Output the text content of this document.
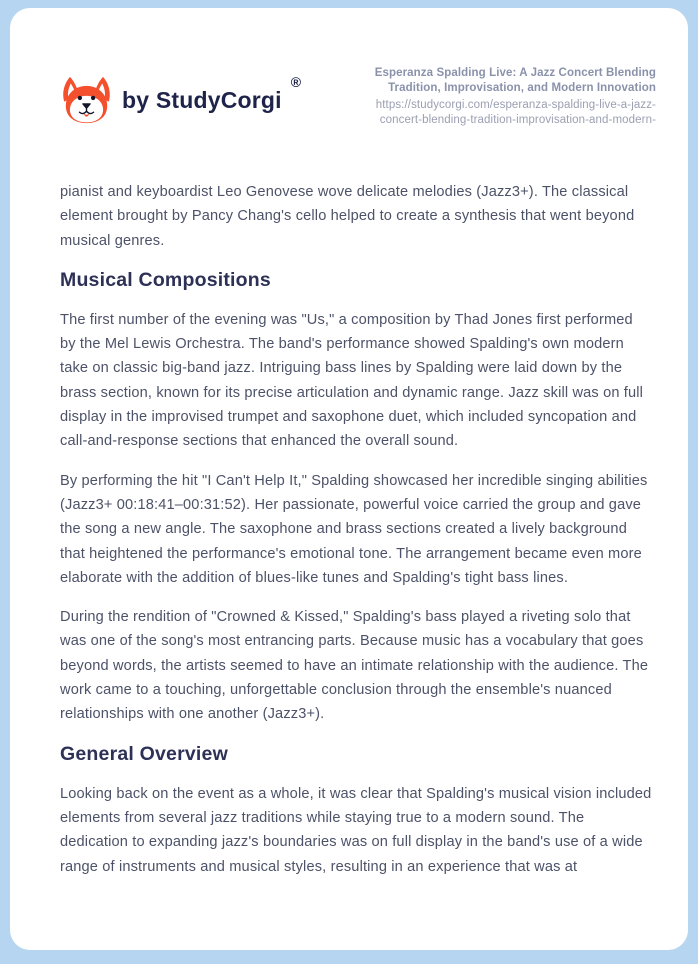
by StudyCorgi
®
Esperanza Spalding Live: A Jazz Concert Blending Tradition, Improvisation, and Modern Innovation
https://studycorgi.com/esperanza-spalding-live-a-jazz-
concert-blending-tradition-improvisation-and-modern-

pianist and keyboardist Leo Genovese wove delicate melodies (Jazz3+). The classical element brought by Pancy Chang's cello helped to create a synthesis that went beyond musical genres.

Musical Compositions

The first number of the evening was "Us," a composition by Thad Jones first performed by the Mel Lewis Orchestra. The band's performance showed Spalding's own modern take on classic big-band jazz. Intriguing bass lines by Spalding were laid down by the brass section, known for its precise articulation and dynamic range. Jazz skill was on full display in the improvised trumpet and saxophone duet, which included syncopation and call-and-response sections that enhanced the overall sound.

By performing the hit "I Can't Help It," Spalding showcased her incredible singing abilities (Jazz3+ 00:18:41–00:31:52). Her passionate, powerful voice carried the group and gave the song a new angle. The saxophone and brass sections created a lively background that heightened the performance's emotional tone. The arrangement became even more elaborate with the addition of blues-like tunes and Spalding's tight bass lines.

During the rendition of "Crowned & Kissed," Spalding's bass played a riveting solo that was one of the song's most entrancing parts. Because music has a vocabulary that goes beyond words, the artists seemed to have an intimate relationship with the audience. The work came to a touching, unforgettable conclusion through the ensemble's nuanced relationships with one another (Jazz3+).

General Overview

Looking back on the event as a whole, it was clear that Spalding's musical vision included elements from several jazz traditions while staying true to a modern sound. The dedication to expanding jazz's boundaries was on full display in the band's use of a wide range of instruments and musical styles, resulting in an experience that was at
